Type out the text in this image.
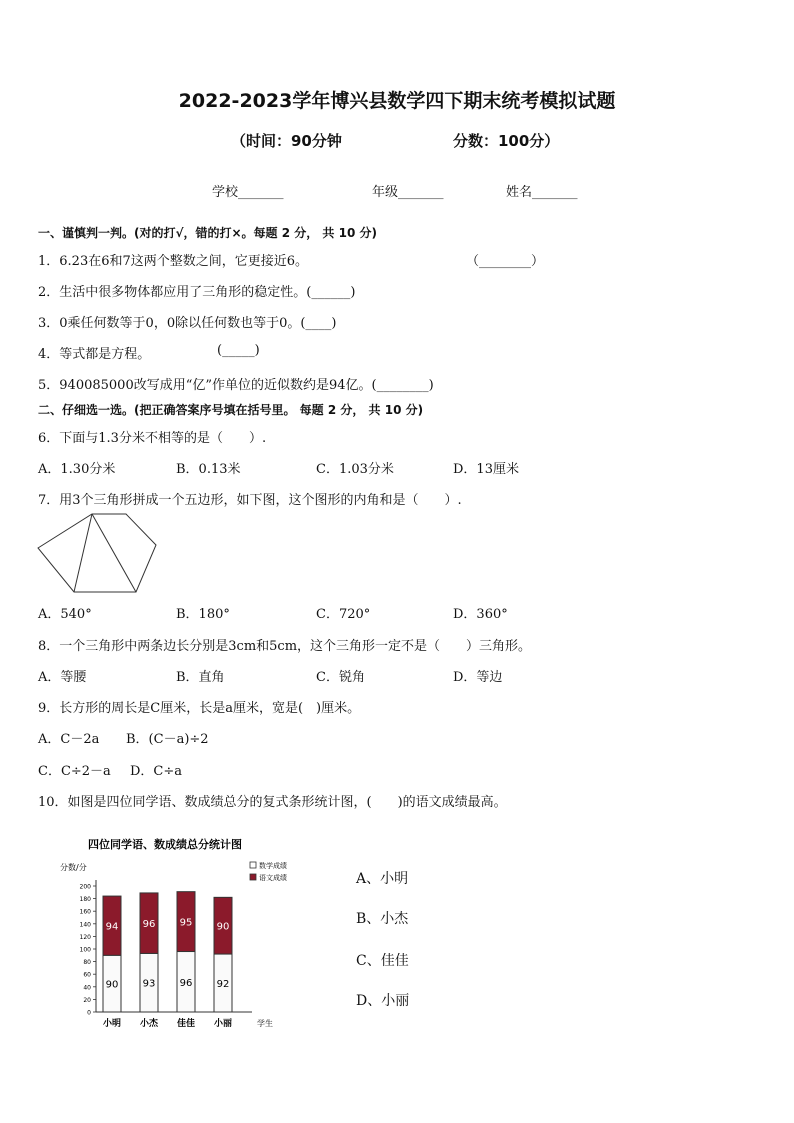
2022-2023学年博兴县数学四下期末统考模拟试题
（时间：90分钟	分数：100分）
学校_______	年级_______	姓名_______
一、谨慎判一判。(对的打√，错的打×。每题 2 分， 共 10 分)
1．6.23在6和7这两个整数之间，它更接近6。	（________）
2．生活中很多物体都应用了三角形的稳定性。(______)
3．0乘任何数等于0，0除以任何数也等于0。(____)
4．等式都是方程。	(_____)
5．940085000改写成用“亿”作单位的近似数约是94亿。(________)
二、仔细选一选。(把正确答案序号填在括号里。 每题 2 分， 共 10 分)
6．下面与1.3分米不相等的是（　　）.
A．1.30分米	B．0.13米	C．1.03分米	D．13厘米
7．用3个三角形拼成一个五边形，如下图，这个图形的内角和是（　　）.
A．540°	B．180°	C．720°	D．360°
8．一个三角形中两条边长分别是3cm和5cm，这个三角形一定不是（　　）三角形。
A．等腰	B．直角	C．锐角	D．等边
9．长方形的周长是C厘米，长是a厘米，宽是(　)厘米。
A．C－2a B．(C－a)÷2
C．C÷2－a D．C÷a
10．如图是四位同学语、数成绩总分的复式条形统计图，(　　)的语文成绩最高。
四位同学语、数成绩总分统计图
分数/分
学生
数学成绩
语文成绩
0
20
40
60
80
100
120
140
160
180
200
90
94
小明
93
96
小杰
96
95
佳佳
92
90
小丽
A、小明
B、小杰
C、佳佳
D、小丽
